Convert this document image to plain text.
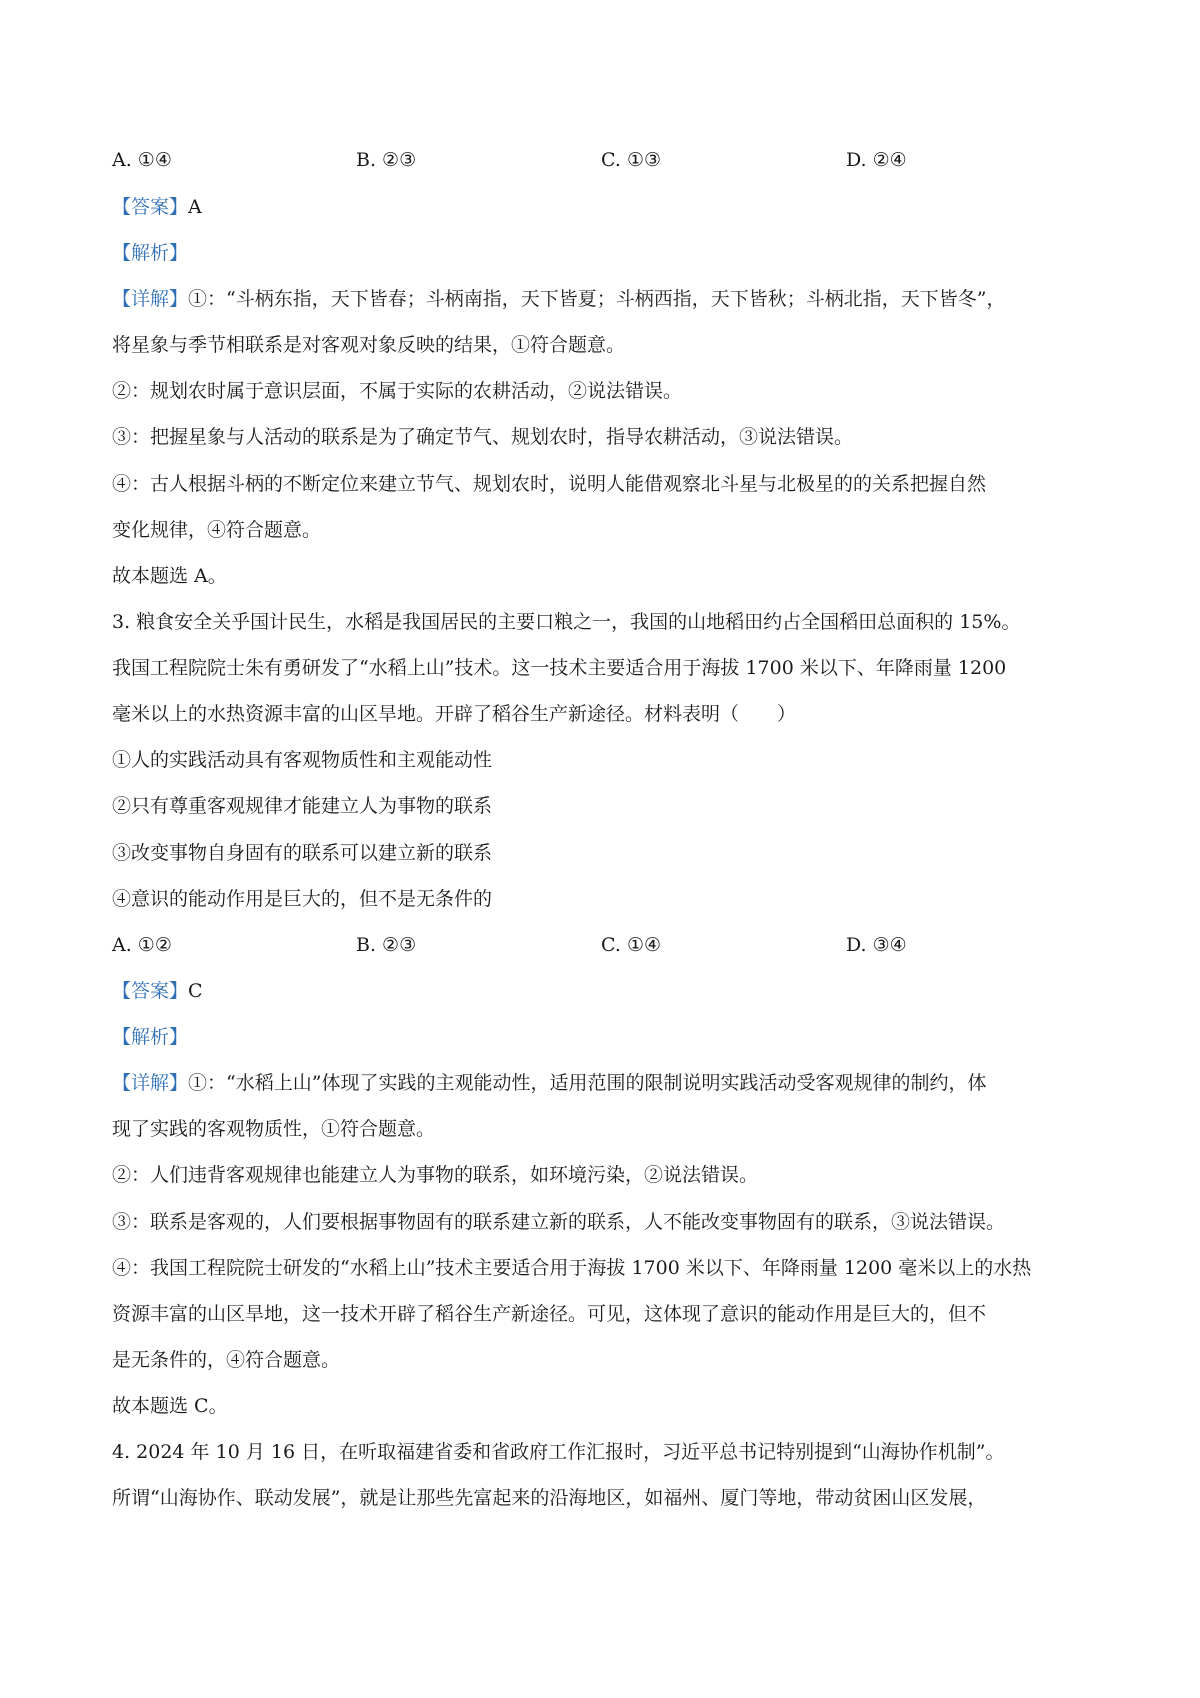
A. ①④	B. ②③	C. ①③	D. ②④
【答案】A
【解析】
【详解】①：“斗柄东指，天下皆春；斗柄南指，天下皆夏；斗柄西指，天下皆秋；斗柄北指，天下皆冬”，
将星象与季节相联系是对客观对象反映的结果，①符合题意。
②：规划农时属于意识层面，不属于实际的农耕活动，②说法错误。
③：把握星象与人活动的联系是为了确定节气、规划农时，指导农耕活动，③说法错误。
④：古人根据斗柄的不断定位来建立节气、规划农时，说明人能借观察北斗星与北极星的的关系把握自然
变化规律，④符合题意。
故本题选 A。
3. 粮食安全关乎国计民生，水稻是我国居民的主要口粮之一，我国的山地稻田约占全国稻田总面积的 15%。
我国工程院院士朱有勇研发了“水稻上山”技术。这一技术主要适合用于海拔 1700 米以下、年降雨量 1200
毫米以上的水热资源丰富的山区旱地。开辟了稻谷生产新途径。材料表明（　　）
①人的实践活动具有客观物质性和主观能动性
②只有尊重客观规律才能建立人为事物的联系
③改变事物自身固有的联系可以建立新的联系
④意识的能动作用是巨大的，但不是无条件的
A. ①②	B. ②③	C. ①④	D. ③④
【答案】C
【解析】
【详解】①：“水稻上山”体现了实践的主观能动性，适用范围的限制说明实践活动受客观规律的制约，体
现了实践的客观物质性，①符合题意。
②：人们违背客观规律也能建立人为事物的联系，如环境污染，②说法错误。
③：联系是客观的，人们要根据事物固有的联系建立新的联系，人不能改变事物固有的联系，③说法错误。
④：我国工程院院士研发的“水稻上山”技术主要适合用于海拔 1700 米以下、年降雨量 1200 毫米以上的水热
资源丰富的山区旱地，这一技术开辟了稻谷生产新途径。可见，这体现了意识的能动作用是巨大的，但不
是无条件的，④符合题意。
故本题选 C。
4. 2024 年 10 月 16 日，在听取福建省委和省政府工作汇报时，习近平总书记特别提到“山海协作机制”。
所谓“山海协作、联动发展”，就是让那些先富起来的沿海地区，如福州、厦门等地，带动贫困山区发展，
